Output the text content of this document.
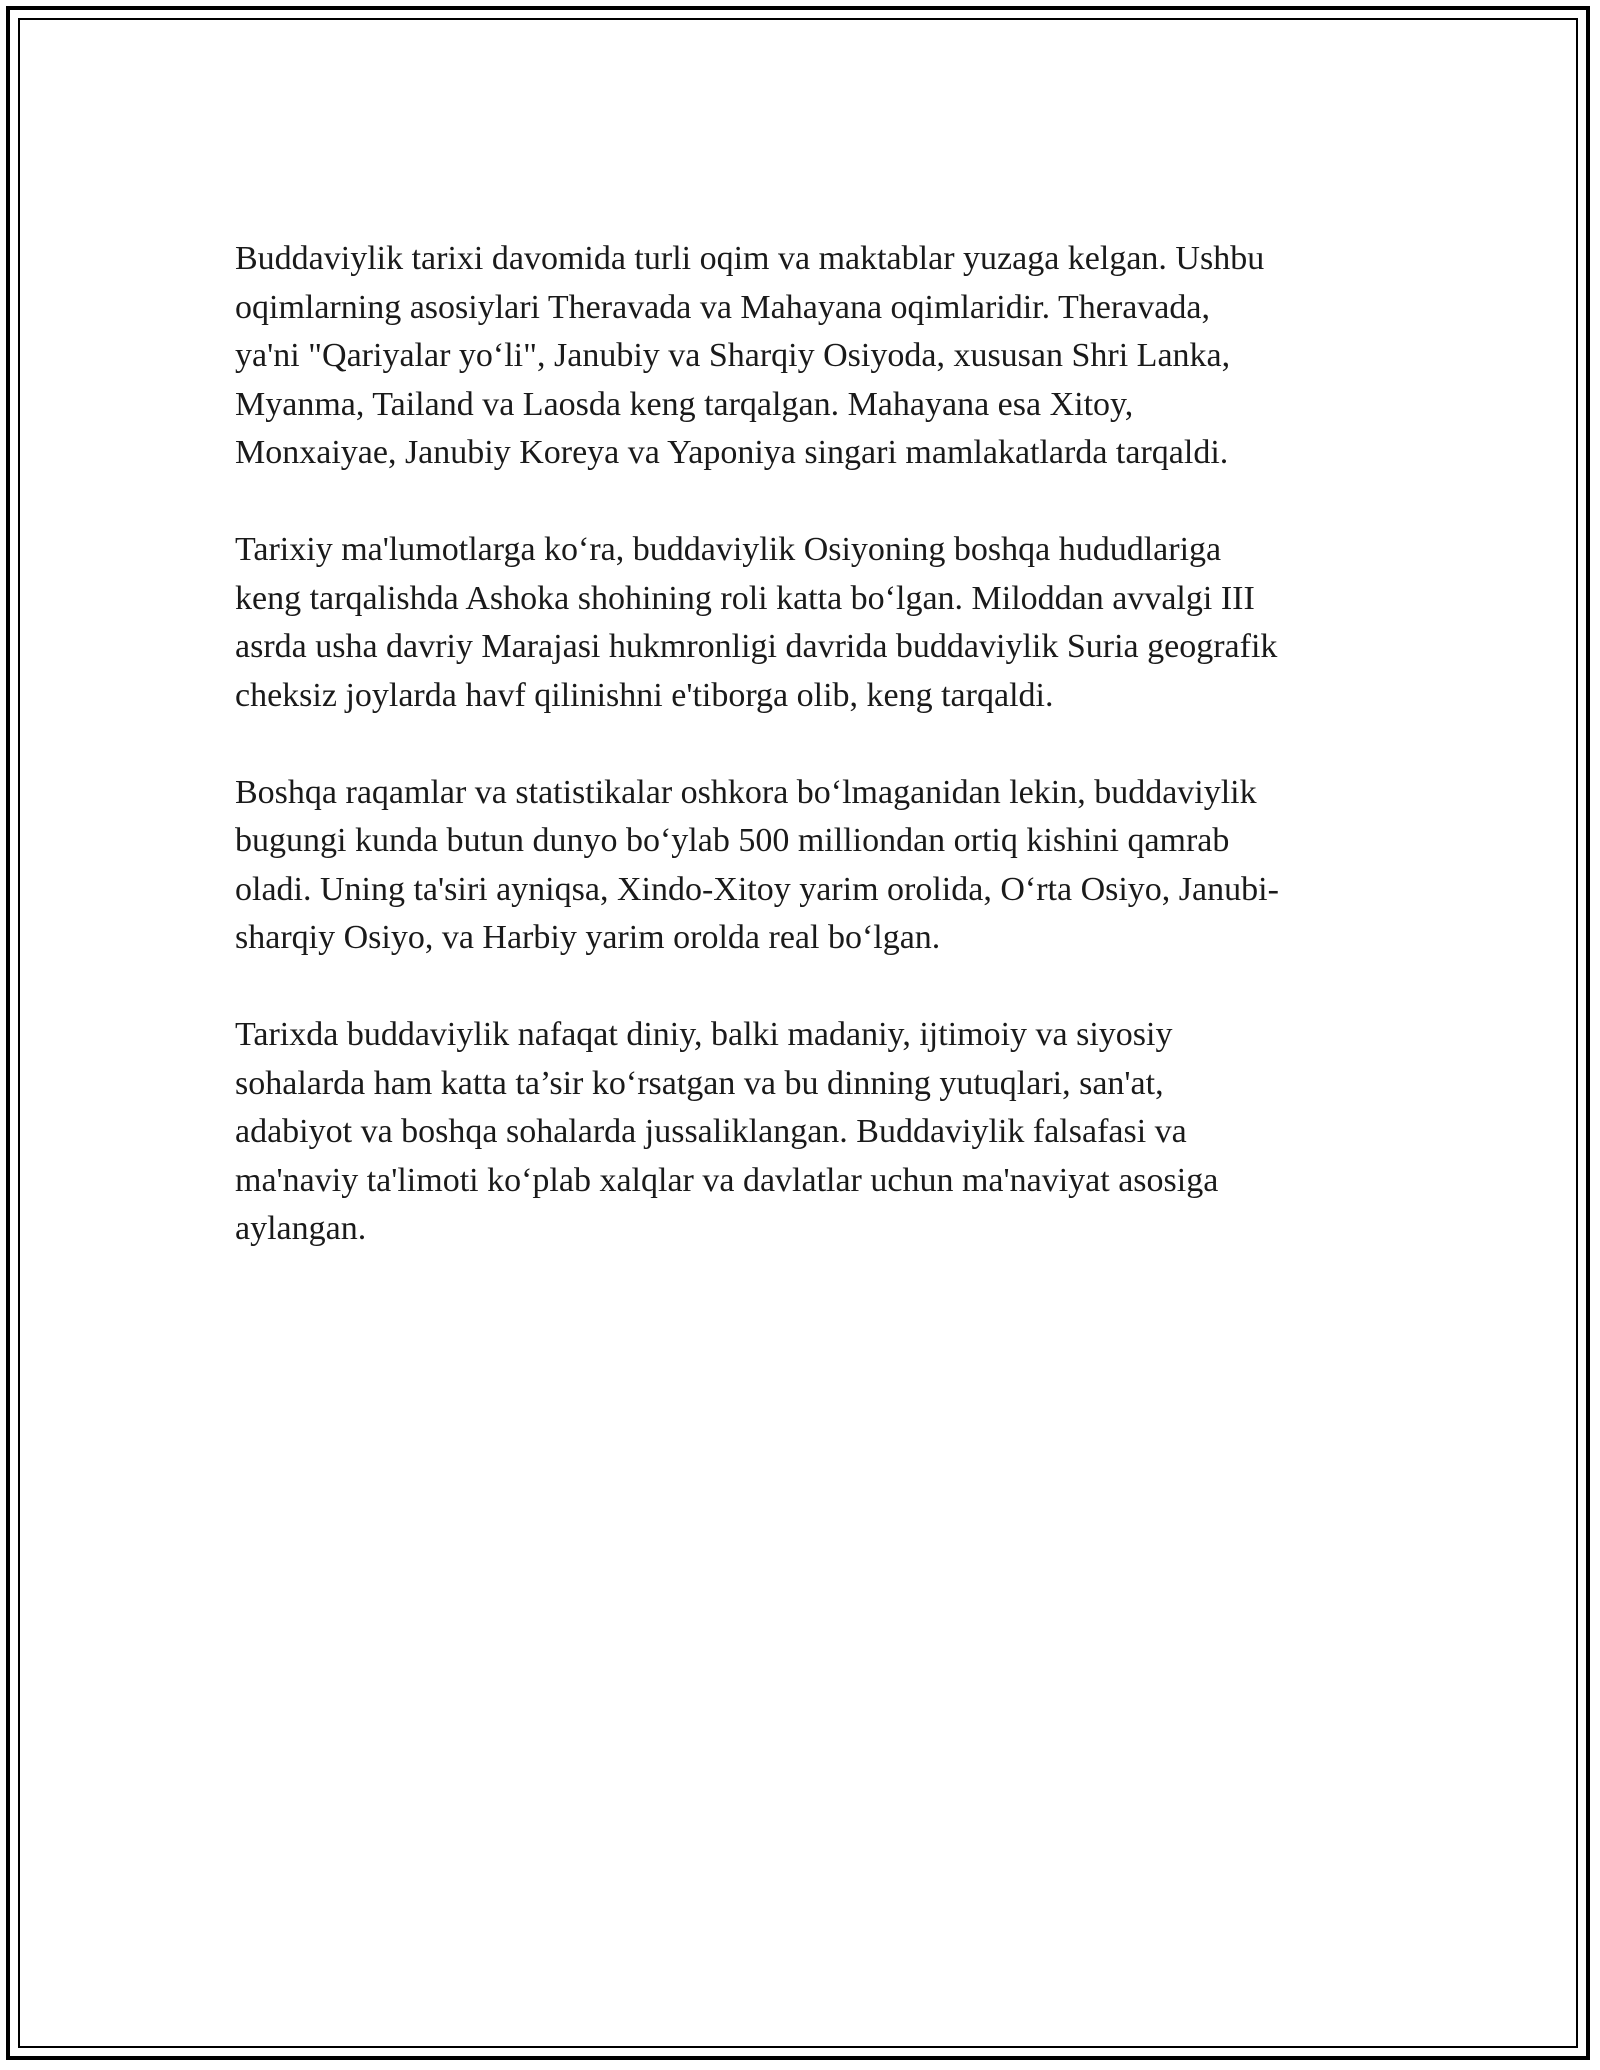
Buddaviylik tarixi davomida turli oqim va maktablar yuzaga kelgan. Ushbu
oqimlarning asosiylari Theravada va Mahayana oqimlaridir. Theravada,
ya'ni "Qariyalar yo‘li", Janubiy va Sharqiy Osiyoda, xususan Shri Lanka,
Myanma, Tailand va Laosda keng tarqalgan. Mahayana esa Xitoy,
Monxaiyae, Janubiy Koreya va Yaponiya singari mamlakatlarda tarqaldi.

Tarixiy ma'lumotlarga ko‘ra, buddaviylik Osiyoning boshqa hududlariga
keng tarqalishda Ashoka shohining roli katta bo‘lgan. Miloddan avvalgi III
asrda usha davriy Marajasi hukmronligi davrida buddaviylik Suria geografik
cheksiz joylarda havf qilinishni e'tiborga olib, keng tarqaldi.

Boshqa raqamlar va statistikalar oshkora bo‘lmaganidan lekin, buddaviylik
bugungi kunda butun dunyo bo‘ylab 500 milliondan ortiq kishini qamrab
oladi. Uning ta'siri ayniqsa, Xindo-Xitoy yarim orolida, O‘rta Osiyo, Janubi-
sharqiy Osiyo, va Harbiy yarim orolda real bo‘lgan.

Tarixda buddaviylik nafaqat diniy, balki madaniy, ijtimoiy va siyosiy
sohalarda ham katta ta’sir ko‘rsatgan va bu dinning yutuqlari, san'at,
adabiyot va boshqa sohalarda jussaliklangan. Buddaviylik falsafasi va
ma'naviy ta'limoti ko‘plab xalqlar va davlatlar uchun ma'naviyat asosiga
aylangan.
